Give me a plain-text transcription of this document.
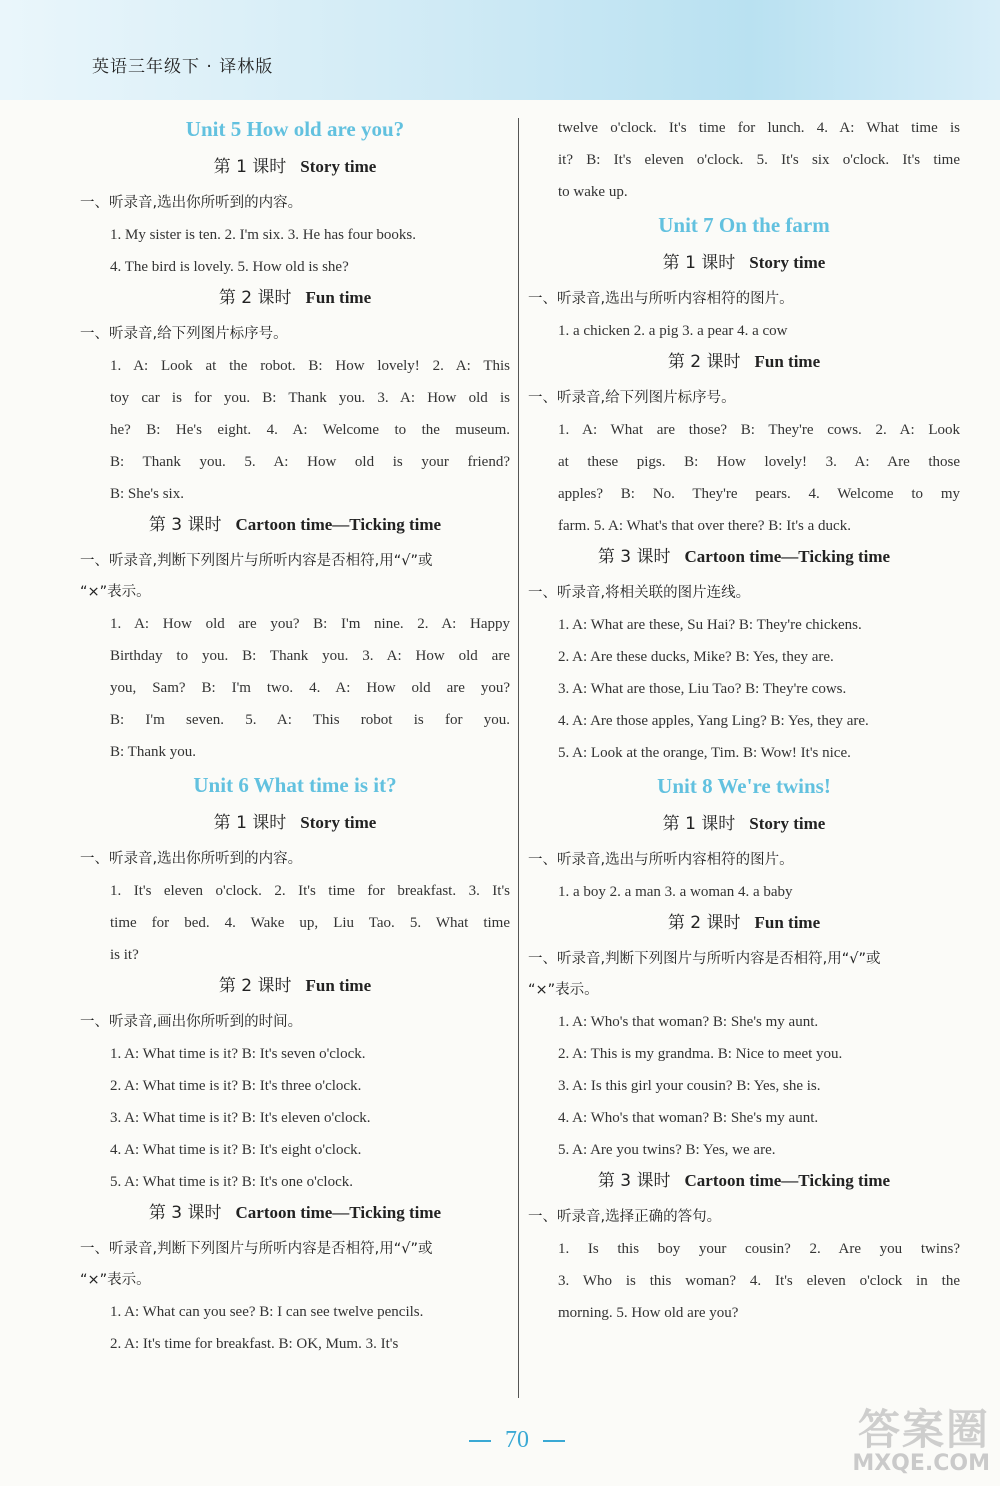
英语三年级下 · 译林版
Unit 5 How old are you?
第 1 课时 Story time
一、听录音,选出你所听到的内容。
1. My sister is ten. 2. I'm six. 3. He has four books.
4. The bird is lovely. 5. How old is she?
第 2 课时 Fun time
一、听录音,给下列图片标序号。
1. A: Look at the robot. B: How lovely! 2. A: This
toy car is for you. B: Thank you. 3. A: How old is
he? B: He's eight. 4. A: Welcome to the museum.
B: Thank you. 5. A: How old is your friend?
B: She's six.
第 3 课时 Cartoon time—Ticking time
一、听录音,判断下列图片与所听内容是否相符,用“√”或
“×”表示。
1. A: How old are you? B: I'm nine. 2. A: Happy
Birthday to you. B: Thank you. 3. A: How old are
you, Sam? B: I'm two. 4. A: How old are you?
B: I'm seven. 5. A: This robot is for you.
B: Thank you.
Unit 6 What time is it?
第 1 课时 Story time
一、听录音,选出你所听到的内容。
1. It's eleven o'clock. 2. It's time for breakfast. 3. It's
time for bed. 4. Wake up, Liu Tao. 5. What time
is it?
第 2 课时 Fun time
一、听录音,画出你所听到的时间。
1. A: What time is it? B: It's seven o'clock.
2. A: What time is it? B: It's three o'clock.
3. A: What time is it? B: It's eleven o'clock.
4. A: What time is it? B: It's eight o'clock.
5. A: What time is it? B: It's one o'clock.
第 3 课时 Cartoon time—Ticking time
一、听录音,判断下列图片与所听内容是否相符,用“√”或
“×”表示。
1. A: What can you see? B: I can see twelve pencils.
2. A: It's time for breakfast. B: OK, Mum. 3. It's
twelve o'clock. It's time for lunch. 4. A: What time is
it? B: It's eleven o'clock. 5. It's six o'clock. It's time
to wake up.
Unit 7 On the farm
第 1 课时 Story time
一、听录音,选出与所听内容相符的图片。
1. a chicken 2. a pig 3. a pear 4. a cow
第 2 课时 Fun time
一、听录音,给下列图片标序号。
1. A: What are those? B: They're cows. 2. A: Look
at these pigs. B: How lovely! 3. A: Are those
apples? B: No. They're pears. 4. Welcome to my
farm. 5. A: What's that over there? B: It's a duck.
第 3 课时 Cartoon time—Ticking time
一、听录音,将相关联的图片连线。
1. A: What are these, Su Hai? B: They're chickens.
2. A: Are these ducks, Mike? B: Yes, they are.
3. A: What are those, Liu Tao? B: They're cows.
4. A: Are those apples, Yang Ling? B: Yes, they are.
5. A: Look at the orange, Tim. B: Wow! It's nice.
Unit 8 We're twins!
第 1 课时 Story time
一、听录音,选出与所听内容相符的图片。
1. a boy 2. a man 3. a woman 4. a baby
第 2 课时 Fun time
一、听录音,判断下列图片与所听内容是否相符,用“√”或
“×”表示。
1. A: Who's that woman? B: She's my aunt.
2. A: This is my grandma. B: Nice to meet you.
3. A: Is this girl your cousin? B: Yes, she is.
4. A: Who's that woman? B: She's my aunt.
5. A: Are you twins? B: Yes, we are.
第 3 课时 Cartoon time—Ticking time
一、听录音,选择正确的答句。
1. Is this boy your cousin? 2. Are you twins?
3. Who is this woman? 4. It's eleven o'clock in the
morning. 5. How old are you?
70	答案圈
MXQE.COM
